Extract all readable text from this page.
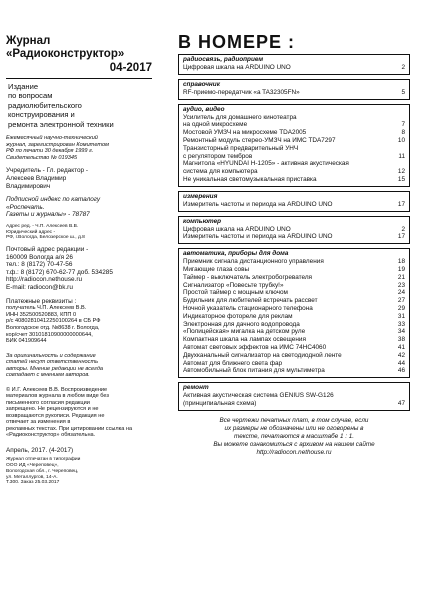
Журнал
«Радиоконструктор»
04-2017
Издание
по вопросам
радиолюбительского
конструирования и
ремонта электронной техники
Ежемесячный научно-технический
журнал, зарегистрирован Комитетом
РФ по печати 30 декабря 1999 г.
Свидетельство № 019345
Учредитель - Гл. редактор -
Алексеев Владимир
Владимирович
Подписной индекс по каталогу
«Роспечать.
Газеты и журналы» - 78787
Адрес ред. - Ч.П. Алексеев В.В.
Юридический адрес -
РФ, г.Вологда, Белозерское ш., д.8
Почтовый адрес редакции -
160009 Вологда а/я 26
тел.: 8 (8172) 70-47-56
т.ф.: 8 (8172) 670-62-77 доб. 534285
http://radiocon.nethouse.ru
E-mail: radiocon@bk.ru
Платежные реквизиты :
получатель Ч.П. Алексеев В.В.
ИНН 352500520883, КПП 0
р/с 40802810412250100264 в СБ РФ
Вологодское отд. №8638 г. Вологда,
кор/счет 30101810900000000644,
БИК 041909644
За оригинальность и содержание
статей несут ответственность
авторы. Мнение редакции не всегда
совпадает с мнением авторов.
© И.Г. Алексеев В.В. Воспроизведение
материалов журнала в любом виде без
письменного согласия редакции
запрещено. Не рецензируются и не
возвращаются рукописи. Редакция не
отвечает за изменения в
рекламных текстах. При цитировании ссылка на
«Радиоконструктор» обязательна.
Апрель, 2017. (4-2017)
Журнал отпечатан в типографии
ООО ИД «Череповец»,
Вологодская обл., г. Череповец,
ул. Металлургов, 14-А.
Т.300. Заказ 25.03.2017
В НОМЕРЕ :
радиосвязь, радиоприем
Цифровая шкала на ARDUINO UNO	2
справочник
RF-приемо-передатчик «a TA32305FN»	5
аудио, видео
Усилитель для домашнего кинотеатра
на одной микросхеме	7
Мостовой УМЗЧ на микросхеме TDA2005	8
Ремонтный модуль стерео-УМЗЧ на ИМС TDA7297	10
Транзисторный предварительный УНЧ
с регулятором тембров	11
Магнитола «HYUNDAI H-1205» - активная акустическая
система для компьютера	12
Не уникальная светомузыкальная приставка	15
измерения
Измеритель частоты и периода на ARDUINO UNO	17
компьютер
Цифровая шкала на ARDUINO UNO	2
Измеритель частоты и периода на ARDUINO UNO	17
автоматика, приборы для дома
Приемник сигнала дистанционного управления	18
Мигающие глаза совы	19
Таймер - выключатель электробогревателя	21
Сигнализатор «Повесьте трубку!»	23
Простой таймер с мощным ключом	24
Будильник для любителей встречать рассвет	27
Ночной указатель стационарного телефона	29
Индикаторное фотореле для реклам	31
Электронная для дачного водопровода	33
«Полицейская» мигалка на детском руле	34
Компактная шкала на лампах освещения	38
Автомат световых эффектов на ИМС 74HC4060	41
Двухканальный сигнализатор на светодиодной ленте	42
Автомат для ближнего света фар	44
Автомобильный блок питания для мультиметра	46
ремонт
Активная акустическая система GENIUS SW-G126
(принципиальная схема)	47
Все чертежи печатных плат, в том случае, если
их размеры не обозначены или не оговорены в
тексте, печатаются в масштабе 1 : 1.
Вы можете ознакомиться с архивом на нашем сайте
http://radiocon.nethouse.ru
